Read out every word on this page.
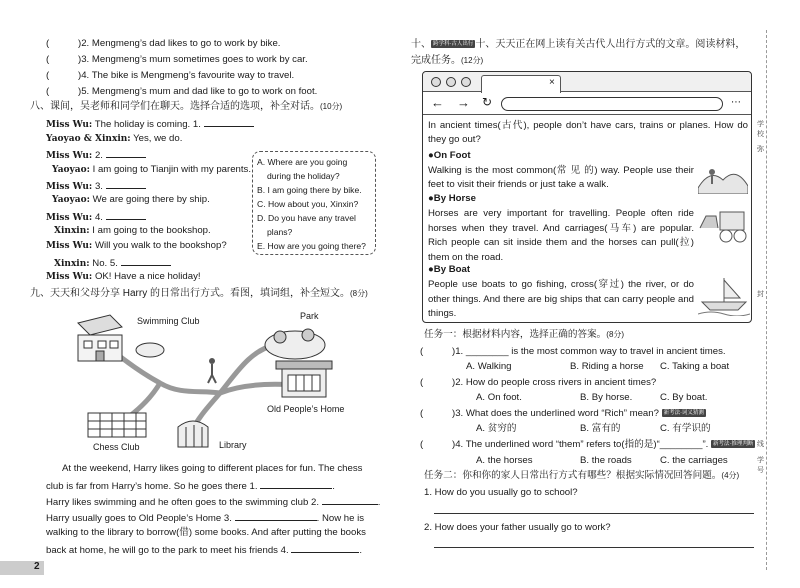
(	)2. Mengmeng’s dad likes to go to work by bike.
(	)3. Mengmeng’s mum sometimes goes to work by car.
(	)4. The bike is Mengmeng’s favourite way to travel.
(	)5. Mengmeng’s mum and dad like to go to work on foot.
八、课间，吴老师和同学们在聊天。选择合适的选项，补全对话。(10分)
Miss Wu: The holiday is coming. 1.
Yaoyao & Xinxin: Yes, we do.
Miss Wu: 2.
Yaoyao: I am going to Tianjin with my parents.
Miss Wu: 3.
Yaoyao: We are going there by ship.
Miss Wu: 4.
Xinxin: I am going to the bookshop.
Miss Wu: Will you walk to the bookshop?
Xinxin: No. 5.
Miss Wu: OK! Have a nice holiday!
A. Where are you going
during the holiday?
B. I am going there by bike.
C. How about you, Xinxin?
D. Do you have any travel
plans?
E. How are you going there?
九、天天和父母分享 Harry 的日常出行方式。看图，填词组，补全短文。(8分)
Swimming Club	Park
Old People’s Home
Chess Club	Library
At the weekend, Harry likes going to different places for fun. The chess
club is far from Harry’s home. So he goes there 1.	.
Harry likes swimming and he often goes to the swimming club 2.	.
Harry usually goes to Old People’s Home 3.	. Now he is
walking to the library to borrow(借) some books. And after putting the books
back at home, he will go to the park to meet his friends 4.	.
2
十、 跨学科·古人出行 十、天天正在网上读有关古代人出行方式的文章。阅读材料，完成任务。(12分)
×
← → ↻	⋯
In ancient times(古代), people don’t have cars, trains or planes. How do they go out?
●On Foot
Walking is the most common(常 见 的) way. People use their feet to visit their friends or just take a walk.
●By Horse
Horses are very important for travelling. People often ride horses when they travel. And carriages(马车) are popular. Rich people can sit inside them and the horses can pull(拉) them on the road.
●By Boat
People use boats to go fishing, cross(穿过) the river, or do other things. And there are big ships that can carry people and things.
任务一：根据材料内容，选择正确的答案。(8分)
(	)1. ________ is the most common way to travel in ancient times.
A. Walking	B. Riding a horse C. Taking a boat
(	)2. How do people cross rivers in ancient times?
A. On foot.	B. By horse.	C. By boat.
(	)3. What does the underlined word “Rich” mean? 新考法·词义猜测
A. 贫穷的	B. 富有的	C. 有学识的
(	)4. The underlined word “them” refers to(指的是)“________”. 新考法·推理判断
A. the horses	B. the roads	C. the carriages
任务二：你和你的家人日常出行方式有哪些？根据实际情况回答问题。(4分)
1. How do you usually go to school?
2. How does your father usually go to work?
学
校
弥
封
线
学
号
